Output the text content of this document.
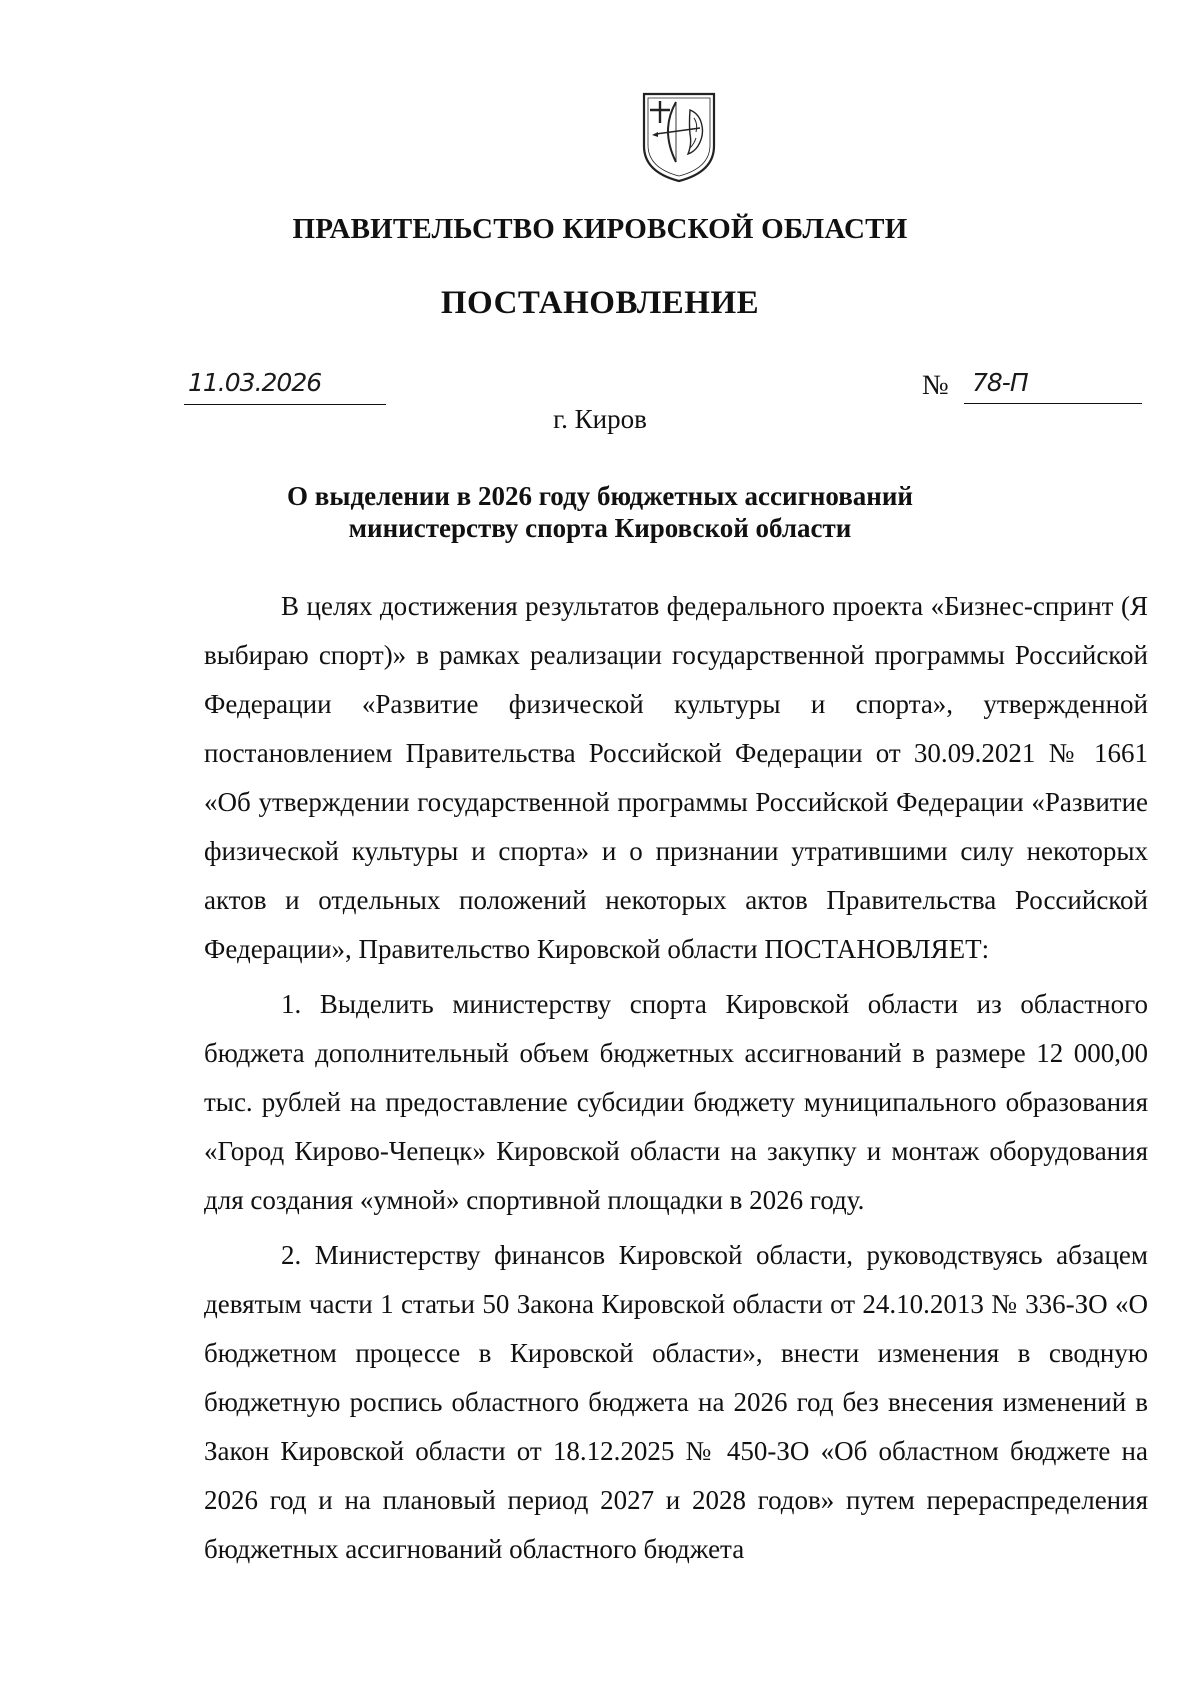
ПРАВИТЕЛЬСТВО КИРОВСКОЙ ОБЛАСТИ
ПОСТАНОВЛЕНИЕ
11.03.2026	№ 78-П
г. Киров
О выделении в 2026 году бюджетных ассигнований
министерству спорта Кировской области

В целях достижения результатов федерального проекта «Бизнес-спринт (Я выбираю спорт)» в рамках реализации государственной программы Российской Федерации «Развитие физической культуры и спорта», утвержденной постановлением Правительства Российской Федерации от 30.09.2021 № 1661 «Об утверждении государственной программы Российской Федерации «Развитие физической культуры и спорта» и о признании утратившими силу некоторых актов и отдельных положений некоторых актов Правительства Российской Федерации», Правительство Кировской области ПОСТАНОВЛЯЕТ:

1. Выделить министерству спорта Кировской области из областного бюджета дополнительный объем бюджетных ассигнований в размере 12 000,00 тыс. рублей на предоставление субсидии бюджету муниципального образования «Город Кирово-Чепецк» Кировской области на закупку и монтаж оборудования для создания «умной» спортивной площадки в 2026 году.

2. Министерству финансов Кировской области, руководствуясь абзацем девятым части 1 статьи 50 Закона Кировской области от 24.10.2013 № 336-ЗО «О бюджетном процессе в Кировской области», внести изменения в сводную бюджетную роспись областного бюджета на 2026 год без внесения изменений в Закон Кировской области от 18.12.2025 № 450-ЗО «Об областном бюджете на 2026 год и на плановый период 2027 и 2028 годов» путем перераспределения бюджетных ассигнований областного бюджета
